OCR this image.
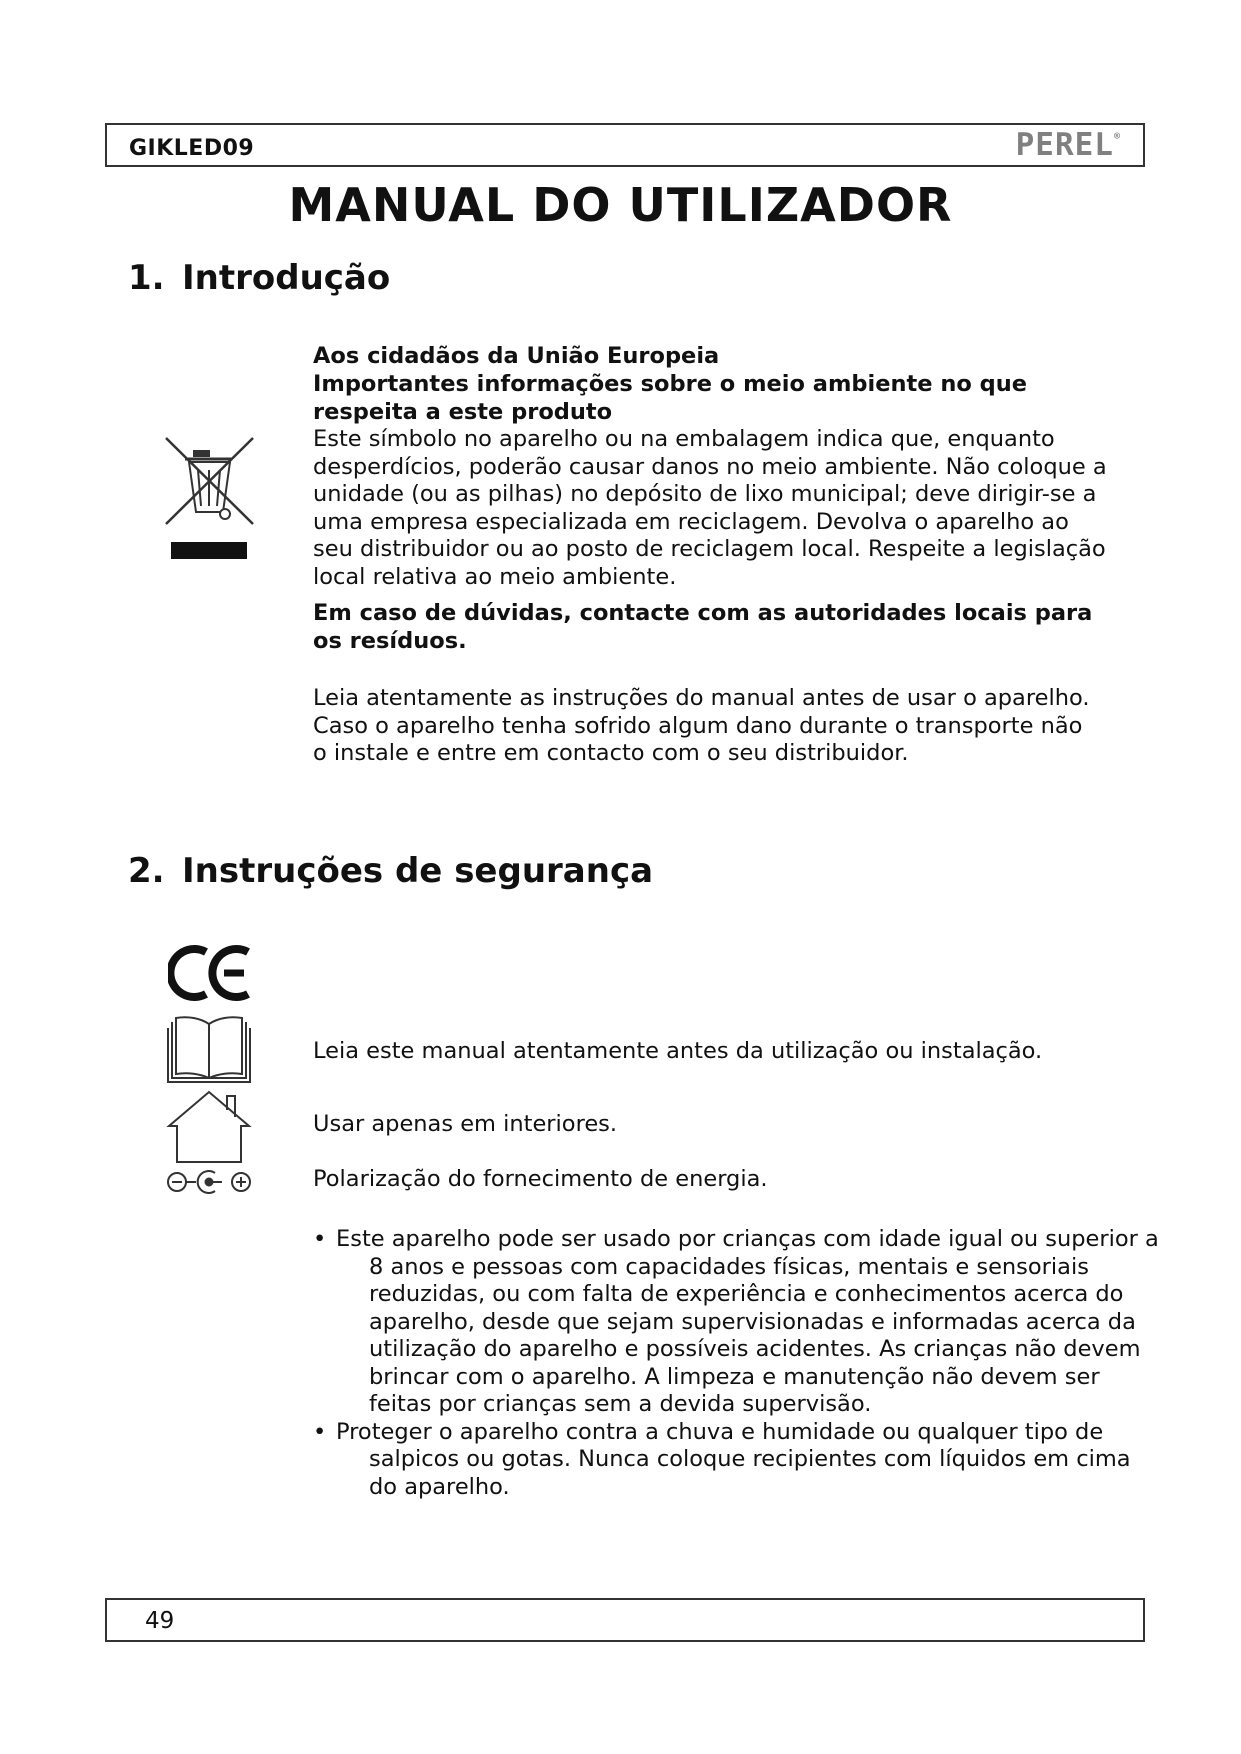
GIKLED09	PEREL®
MANUAL DO UTILIZADOR
1. Introdução
Aos cidadãos da União Europeia
Importantes informações sobre o meio ambiente no que respeita a este produto
Este símbolo no aparelho ou na embalagem indica que, enquanto desperdícios, poderão causar danos no meio ambiente. Não coloque a unidade (ou as pilhas) no depósito de lixo municipal; deve dirigir-se a uma empresa especializada em reciclagem. Devolva o aparelho ao seu distribuidor ou ao posto de reciclagem local. Respeite a legislação local relativa ao meio ambiente.
Em caso de dúvidas, contacte com as autoridades locais para os resíduos.
Leia atentamente as instruções do manual antes de usar o aparelho. Caso o aparelho tenha sofrido algum dano durante o transporte não o instale e entre em contacto com o seu distribuidor.
2. Instruções de segurança
Leia este manual atentamente antes da utilização ou instalação.
Usar apenas em interiores.
Polarização do fornecimento de energia.
• Este aparelho pode ser usado por crianças com idade igual ou superior a 8 anos e pessoas com capacidades físicas, mentais e sensoriais reduzidas, ou com falta de experiência e conhecimentos acerca do aparelho, desde que sejam supervisionadas e informadas acerca da utilização do aparelho e possíveis acidentes. As crianças não devem brincar com o aparelho. A limpeza e manutenção não devem ser feitas por crianças sem a devida supervisão.
• Proteger o aparelho contra a chuva e humidade ou qualquer tipo de salpicos ou gotas. Nunca coloque recipientes com líquidos em cima do aparelho.
49
